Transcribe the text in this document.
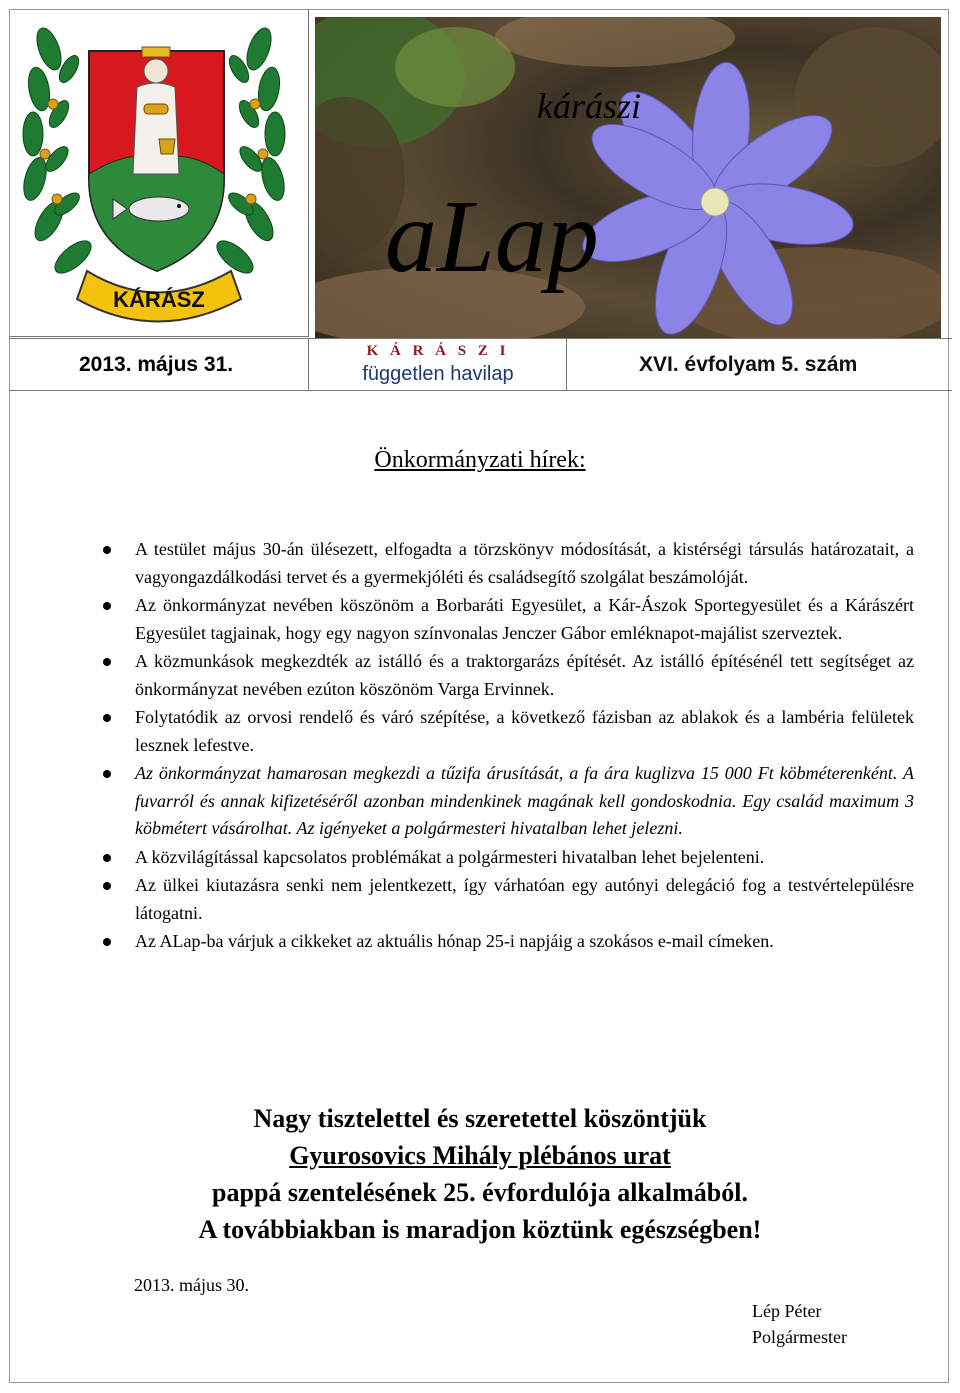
KÁRÁSZ
kárászi
aLap
2013. május 31.
K Á R Á S Z I
független havilap	XVI. évfolyam 5. szám
Önkormányzati hírek:
A testület május 30-án ülésezett, elfogadta a törzskönyv módosítását, a kistérségi társulás határozatait, a vagyongazdálkodási tervet és a gyermekjóléti és családsegítő szolgálat beszámolóját.
Az önkormányzat nevében köszönöm a Borbaráti Egyesület, a Kár-Ászok Sportegyesület és a Kárászért Egyesület tagjainak, hogy egy nagyon színvonalas Jenczer Gábor emléknapot-majálist szerveztek.
A közmunkások megkezdték az istálló és a traktorgarázs építését. Az istálló építésénél tett segítséget az önkormányzat nevében ezúton köszönöm Varga Ervinnek.
Folytatódik az orvosi rendelő és váró szépítése, a következő fázisban az ablakok és a lambéria felületek lesznek lefestve.
Az önkormányzat hamarosan megkezdi a tűzifa árusítását, a fa ára kuglizva 15 000 Ft köbméterenként. A fuvarról és annak kifizetéséről azonban mindenkinek magának kell gondoskodnia. Egy család maximum 3 köbmétert vásárolhat. Az igényeket a polgármesteri hivatalban lehet jelezni.
A közvilágítással kapcsolatos problémákat a polgármesteri hivatalban lehet bejelenteni.
Az ülkei kiutazásra senki nem jelentkezett, így várhatóan egy autónyi delegáció fog a testvértelepülésre látogatni.
Az ALap-ba várjuk a cikkeket az aktuális hónap 25-i napjáig a szokásos e-mail címeken.
Nagy tisztelettel és szeretettel köszöntjük
Gyurosovics Mihály plébános urat
pappá szentelésének 25. évfordulója alkalmából.
A továbbiakban is maradjon köztünk egészségben!
2013. május 30.
Lép Péter
Polgármester
